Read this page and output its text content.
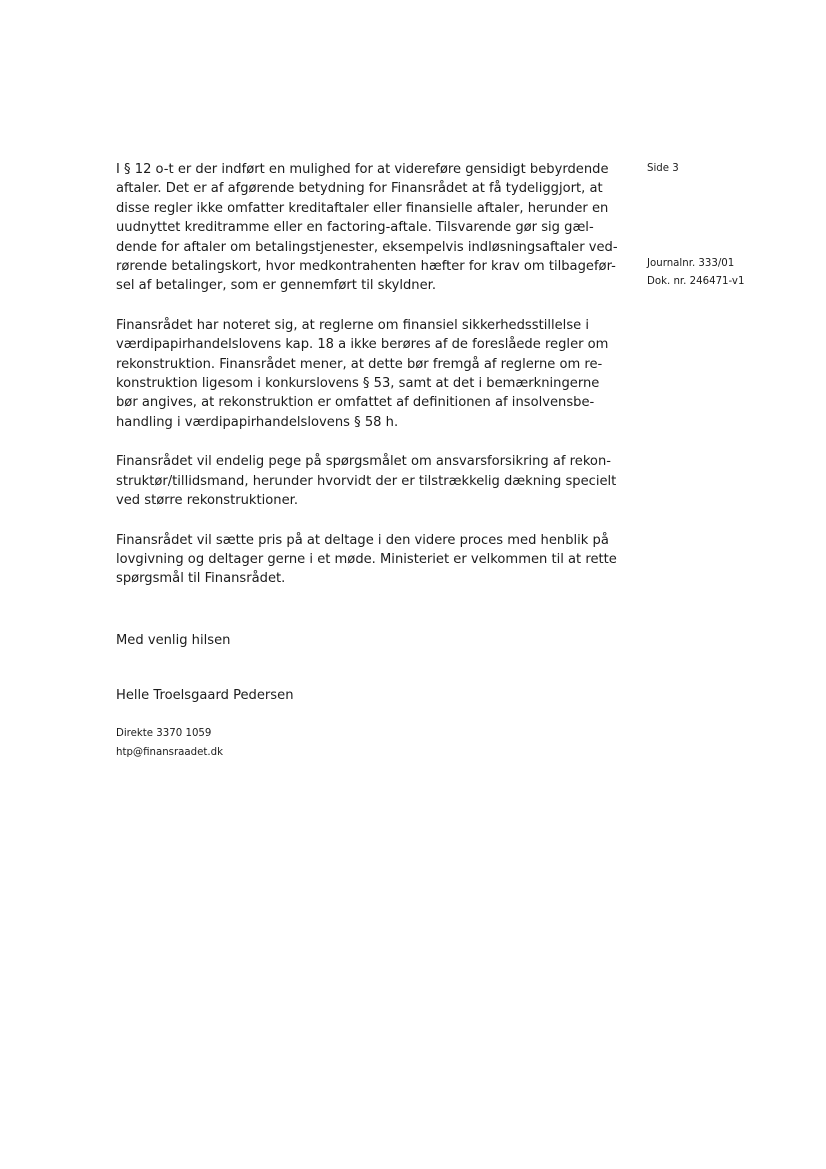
Side 3
Journalnr. 333/01
Dok. nr. 246471-v1

I § 12 o-t er der indført en mulighed for at videreføre gensidigt bebyrdende
aftaler. Det er af afgørende betydning for Finansrådet at få tydeliggjort, at
disse regler ikke omfatter kreditaftaler eller finansielle aftaler, herunder en
uudnyttet kreditramme eller en factoring-aftale. Tilsvarende gør sig gæl-
dende for aftaler om betalingstjenester, eksempelvis indløsningsaftaler ved-
rørende betalingskort, hvor medkontrahenten hæfter for krav om tilbagefør-
sel af betalinger, som er gennemført til skyldner.

Finansrådet har noteret sig, at reglerne om finansiel sikkerhedsstillelse i
værdipapirhandelslovens kap. 18 a ikke berøres af de foreslåede regler om
rekonstruktion. Finansrådet mener, at dette bør fremgå af reglerne om re-
konstruktion ligesom i konkurslovens § 53, samt at det i bemærkningerne
bør angives, at rekonstruktion er omfattet af definitionen af insolvensbe-
handling i værdipapirhandelslovens § 58 h.

Finansrådet vil endelig pege på spørgsmålet om ansvarsforsikring af rekon-
struktør/tillidsmand, herunder hvorvidt der er tilstrækkelig dækning specielt
ved større rekonstruktioner.

Finansrådet vil sætte pris på at deltage i den videre proces med henblik på
lovgivning og deltager gerne i et møde. Ministeriet er velkommen til at rette
spørgsmål til Finansrådet.

Med venlig hilsen
Helle Troelsgaard Pedersen
Direkte 3370 1059
htp@finansraadet.dk
